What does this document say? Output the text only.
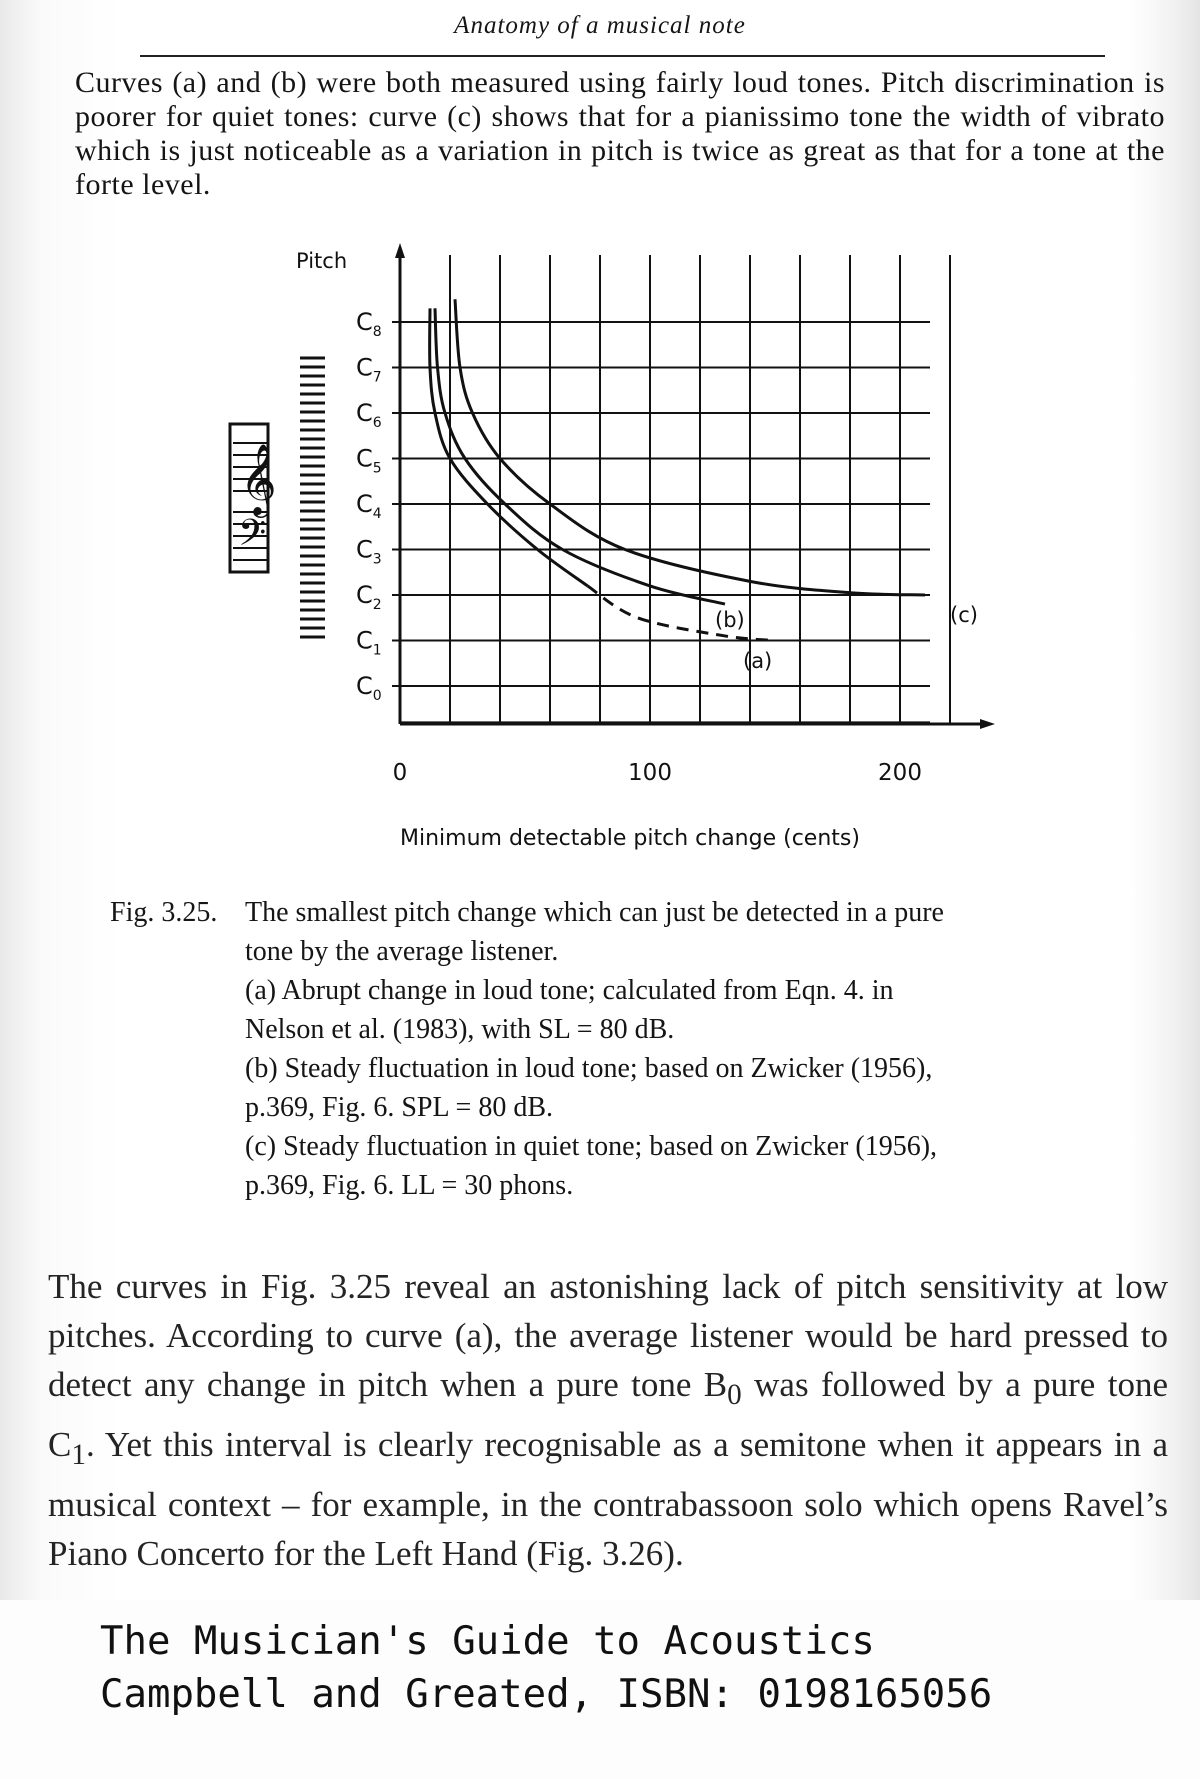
Anatomy of a musical note

Curves (a) and (b) were both measured using fairly loud tones. Pitch discrimination is poorer for quiet tones: curve (c) shows that for a pianissimo tone the width of vibrato which is just noticeable as a variation in pitch is twice as great as that for a tone at the forte level.

Pitch
Minimum detectable pitch change (cents)
$C_0$
$C_1$
$C_2$
$C_3$
$C_4$
$C_5$
$C_6$
$C_7$
$C_8$
0	100	200
𝄞
𝄢
(a)
(b)	(c)
Fig. 3.25. The smallest pitch change which can just be detected in a pure
tone by the average listener.
(a) Abrupt change in loud tone; calculated from Eqn. 4. in
Nelson et al. (1983), with SL = 80 dB.
(b) Steady fluctuation in loud tone; based on Zwicker (1956),
p.369, Fig. 6. SPL = 80 dB.
(c) Steady fluctuation in quiet tone; based on Zwicker (1956),
p.369, Fig. 6. LL = 30 phons.

The curves in Fig. 3.25 reveal an astonishing lack of pitch sensitivity at low pitches. According to curve (a), the average listener would be hard pressed to detect any change in pitch when a pure tone $B_0$ was followed by a pure tone $C_1$. Yet this interval is clearly recognisable as a semitone when it appears in a musical context – for example, in the contrabassoon solo which opens Ravel’s Piano Concerto for the Left Hand (Fig. 3.26).

The Musician's Guide to Acoustics
Campbell and Greated, ISBN: 0198165056
